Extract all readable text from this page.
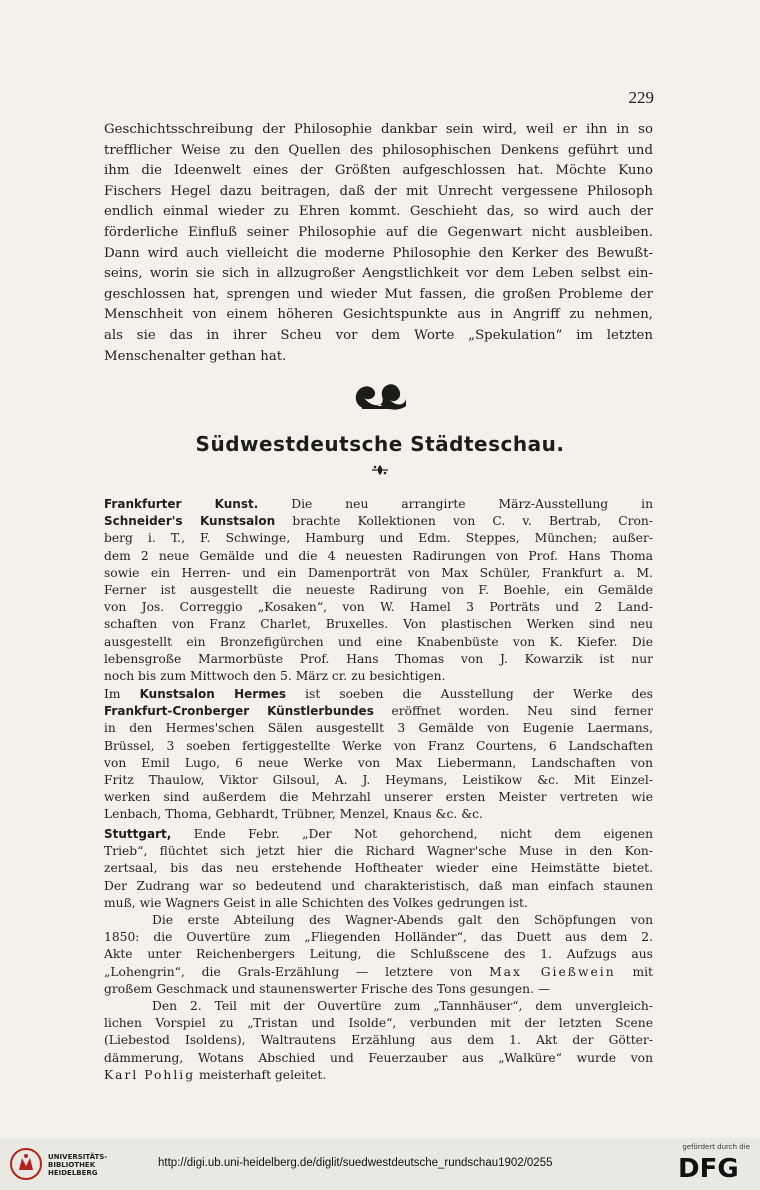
229

Geschichtsschreibung der Philosophie dankbar sein wird, weil er ihn in so

trefflicher Weise zu den Quellen des philosophischen Denkens geführt und

ihm die Ideenwelt eines der Größten aufgeschlossen hat. Möchte Kuno

Fischers Hegel dazu beitragen, daß der mit Unrecht vergessene Philosoph

endlich einmal wieder zu Ehren kommt. Geschieht das, so wird auch der

förderliche Einfluß seiner Philosophie auf die Gegenwart nicht ausbleiben.

Dann wird auch vielleicht die moderne Philosophie den Kerker des Bewußt-

seins, worin sie sich in allzugroßer Aengstlichkeit vor dem Leben selbst ein-

geschlossen hat, sprengen und wieder Mut fassen, die großen Probleme der

Menschheit von einem höheren Gesichtspunkte aus in Angriff zu nehmen,

als sie das in ihrer Scheu vor dem Worte „Spekulation“ im letzten

Menschenalter gethan hat.

Südwestdeutsche Städteschau.

Frankfurter Kunst. Die neu arrangirte März-Ausstellung in

Schneider's Kunstsalon brachte Kollektionen von C. v. Bertrab, Cron-

berg i. T., F. Schwinge, Hamburg und Edm. Steppes, München; außer-

dem 2 neue Gemälde und die 4 neuesten Radirungen von Prof. Hans Thoma

sowie ein Herren- und ein Damenporträt von Max Schüler, Frankfurt a. M.

Ferner ist ausgestellt die neueste Radirung von F. Boehle, ein Gemälde

von Jos. Correggio „Kosaken“, von W. Hamel 3 Porträts und 2 Land-

schaften von Franz Charlet, Bruxelles. Von plastischen Werken sind neu

ausgestellt ein Bronzefigürchen und eine Knabenbüste von K. Kiefer. Die

lebensgroße Marmorbüste Prof. Hans Thomas von J. Kowarzik ist nur

noch bis zum Mittwoch den 5. März cr. zu besichtigen.

Im Kunstsalon Hermes ist soeben die Ausstellung der Werke des

Frankfurt-Cronberger Künstlerbundes eröffnet worden. Neu sind ferner

in den Hermes'schen Sälen ausgestellt 3 Gemälde von Eugenie Laermans,

Brüssel, 3 soeben fertiggestellte Werke von Franz Courtens, 6 Landschaften

von Emil Lugo, 6 neue Werke von Max Liebermann, Landschaften von

Fritz Thaulow, Viktor Gilsoul, A. J. Heymans, Leistikow &c. Mit Einzel-

werken sind außerdem die Mehrzahl unserer ersten Meister vertreten wie

Lenbach, Thoma, Gebhardt, Trübner, Menzel, Knaus &c. &c.

Stuttgart, Ende Febr. „Der Not gehorchend, nicht dem eigenen

Trieb“, flüchtet sich jetzt hier die Richard Wagner'sche Muse in den Kon-

zertsaal, bis das neu erstehende Hoftheater wieder eine Heimstätte bietet.

Der Zudrang war so bedeutend und charakteristisch, daß man einfach staunen

muß, wie Wagners Geist in alle Schichten des Volkes gedrungen ist.

Die erste Abteilung des Wagner-Abends galt den Schöpfungen von

1850: die Ouvertüre zum „Fliegenden Holländer“, das Duett aus dem 2.

Akte unter Reichenbergers Leitung, die Schlußscene des 1. Aufzugs aus

„Lohengrin“, die Grals-Erzählung — letztere von Max Gießwein mit

großem Geschmack und staunenswerter Frische des Tons gesungen. —

Den 2. Teil mit der Ouvertüre zum „Tannhäuser“, dem unvergleich-

lichen Vorspiel zu „Tristan und Isolde“, verbunden mit der letzten Scene

(Liebestod Isoldens), Waltrautens Erzählung aus dem 1. Akt der Götter-

dämmerung, Wotans Abschied und Feuerzauber aus „Walküre“ wurde von

Karl Pohlig meisterhaft geleitet.

UNIVERSITÄTS-
BIBLIOTHEK
HEIDELBERG
http://digi.ub.uni-heidelberg.de/diglit/suedwestdeutsche_rundschau1902/0255
gefördert durch die
DFG
